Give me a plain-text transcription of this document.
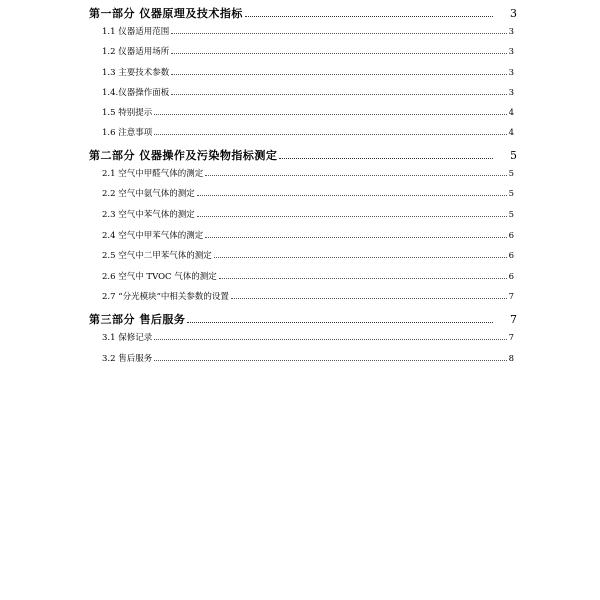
第一部分 仪器原理及技术指标	3
1.1 仪器适用范围	3
1.2 仪器适用场所	3
1.3 主要技术参数	3
1.4.仪器操作面板	3
1.5 特别提示	4
1.6 注意事项	4
第二部分 仪器操作及污染物指标测定	5
2.1 空气中甲醛气体的测定	5
2.2 空气中氨气体的测定	5
2.3 空气中苯气体的测定	5
2.4 空气中甲苯气体的测定	6
2.5 空气中二甲苯气体的测定	6
2.6 空气中 TVOC 气体的测定	6
2.7 “分光模块”中相关参数的设置	7
第三部分 售后服务	7
3.1 保修记录	7
3.2 售后服务	8
